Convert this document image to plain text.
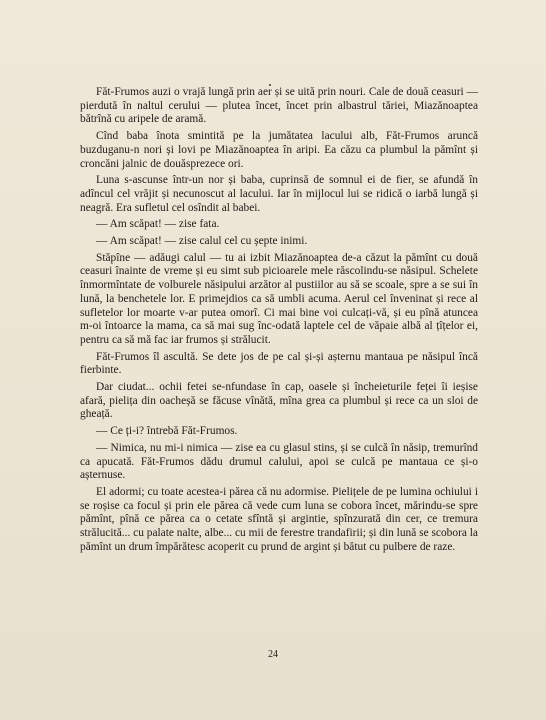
Făt-Frumos auzi o vrajă lungă prin aer și se uită prin nouri. Cale de două ceasuri — pierdută în naltul cerului — plutea încet, încet prin albastrul tăriei, Miazănoaptea bătrînă cu aripele de aramă.

Cînd baba înota smintită pe la jumătatea lacului alb, Făt-Frumos aruncă buzduganu-n nori și lovi pe Miazănoaptea în aripi. Ea căzu ca plumbul la pămînt și croncăni jalnic de douăsprezece ori.

Luna s-ascunse într-un nor și baba, cuprinsă de somnul ei de fier, se afundă în adîncul cel vrăjit și necunoscut al lacului. Iar în mijlocul lui se ridică o iarbă lungă și neagră. Era sufletul cel osîndit al babei.

— Am scăpat! — zise fata.

— Am scăpat! — zise calul cel cu șepte inimi.

Stăpîne — adăugi calul — tu ai izbit Miazănoaptea de-a căzut la pămînt cu două ceasuri înainte de vreme și eu simt sub picioarele mele răscolindu-se năsipul. Schelete înmormîntate de volburele năsipului arzător al pustiilor au să se scoale, spre a se sui în lună, la benchetele lor. E primejdios ca să umbli acuma. Aerul cel înveninat și rece al sufletelor lor moarte v-ar putea omorî. Ci mai bine voi culcați-vă, și eu pînă atuncea m-oi întoarce la mama, ca să mai sug înc-odată laptele cel de văpaie albă al țîțelor ei, pentru ca să mă fac iar frumos și strălucit.

Făt-Frumos îl ascultă. Se dete jos de pe cal și-și așternu mantaua pe năsipul încă fierbinte.

Dar ciudat... ochii fetei se-nfundase în cap, oasele și încheieturile feței îi ieșise afară, pielița din oacheșă se făcuse vînătă, mîna grea ca plumbul și rece ca un sloi de gheață.

— Ce ți-i? întrebă Făt-Frumos.

— Nimica, nu mi-i nimica — zise ea cu glasul stins, și se culcă în năsip, tremurînd ca apucată. Făt-Frumos dădu drumul calului, apoi se culcă pe mantaua ce și-o așternuse.

El adormi; cu toate acestea-i părea că nu adormise. Pielițele de pe lumina ochiului i se roșise ca focul și prin ele părea că vede cum luna se cobora încet, mărindu-se spre pămînt, pînă ce părea ca o cetate sfîntă și argintie, spînzurată din cer, ce tremura strălucită... cu palate nalte, albe... cu mii de ferestre trandafirii; și din lună se scobora la pămînt un drum împărătesc acoperit cu prund de argint și bătut cu pulbere de raze.

24
